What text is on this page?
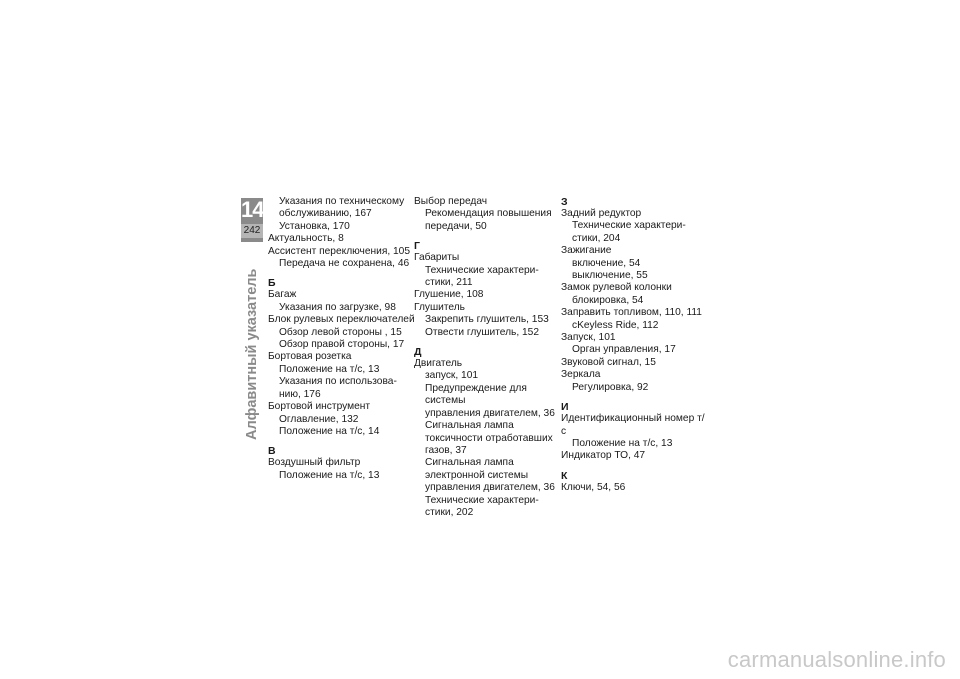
14
242
Алфавитный указатель
Указания по техническому
обслуживанию, 167
Установка, 170
Актуальность, 8
Ассистент переключения, 105
Передача не сохранена, 46
Б
Багаж
Указания по загрузке, 98
Блок рулевых переключателей
Обзор левой стороны , 15
Обзор правой стороны, 17
Бортовая розетка
Положение на т/с, 13
Указания по использова-
нию, 176
Бортовой инструмент
Оглавление, 132
Положение на т/с, 14
В
Воздушный фильтр
Положение на т/с, 13
Выбор передач
Рекомендация повышения
передачи, 50
Г
Габариты
Технические характери-
стики, 211
Глушение, 108
Глушитель
Закрепить глушитель, 153
Отвести глушитель, 152
Д
Двигатель
запуск, 101
Предупреждение для системы
управления двигателем, 36
Сигнальная лампа
токсичности отработавших
газов, 37
Сигнальная лампа
электронной системы
управления двигателем, 36
Технические характери-
стики, 202
З
Задний редуктор
Технические характери-
стики, 204
Зажигание
включение, 54
выключение, 55
Замок рулевой колонки
блокировка, 54
Заправить топливом, 110, 111
cKeyless Ride, 112
Запуск, 101
Орган управления, 17
Звуковой сигнал, 15
Зеркала
Регулировка, 92
И
Идентификационный номер т/с
Положение на т/с, 13
Индикатор ТО, 47
К
Ключи, 54, 56
carmanualsonline.info
